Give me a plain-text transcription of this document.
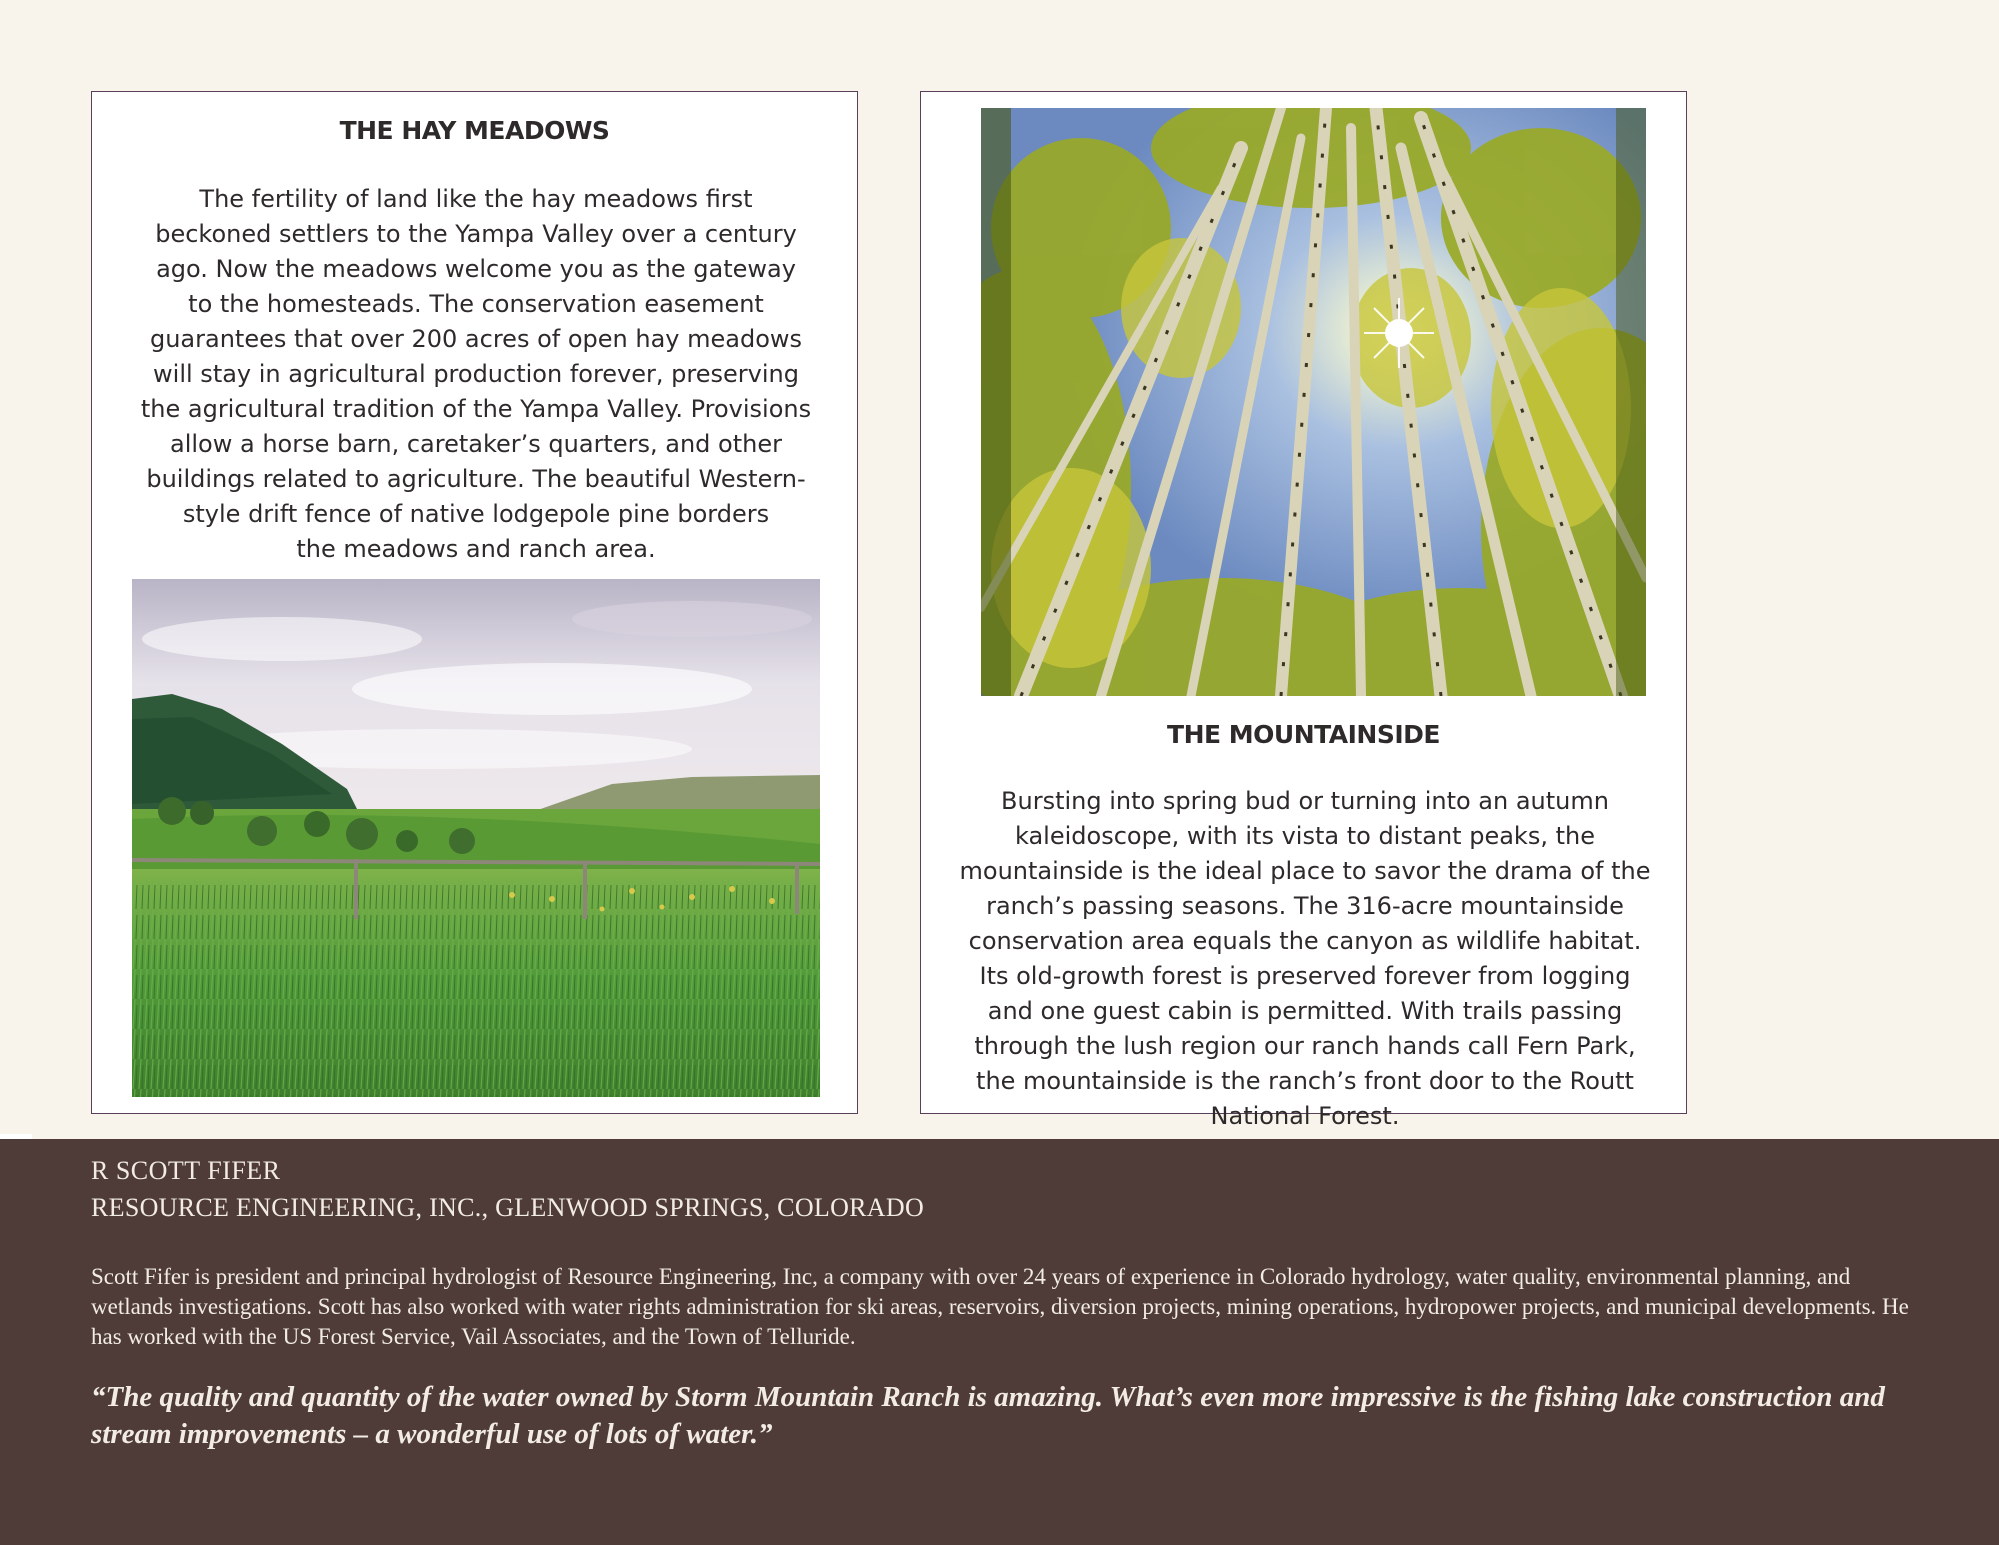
THE HAY MEADOWS
The fertility of land like the hay meadows first
beckoned settlers to the Yampa Valley over a century
ago. Now the meadows welcome you as the gateway
to the homesteads. The conservation easement
guarantees that over 200 acres of open hay meadows
will stay in agricultural production forever, preserving
the agricultural tradition of the Yampa Valley. Provisions
allow a horse barn, caretaker’s quarters, and other
buildings related to agriculture. The beautiful Western-
style drift fence of native lodgepole pine borders
the meadows and ranch area.
THE MOUNTAINSIDE
Bursting into spring bud or turning into an autumn
kaleidoscope, with its vista to distant peaks, the
mountainside is the ideal place to savor the drama of the
ranch’s passing seasons. The 316-acre mountainside
conservation area equals the canyon as wildlife habitat.
Its old-growth forest is preserved forever from logging
and one guest cabin is permitted. With trails passing
through the lush region our ranch hands call Fern Park,
the mountainside is the ranch’s front door to the Routt
National Forest.
R SCOTT FIFER
RESOURCE ENGINEERING, INC., GLENWOOD SPRINGS, COLORADO
Scott Fifer is president and principal hydrologist of Resource Engineering, Inc, a company with over 24 years of experience in Colorado hydrology, water quality, environmental planning, and wetlands investigations. Scott has also worked with water rights administration for ski areas, reservoirs, diversion projects, mining operations, hydropower projects, and municipal developments. He has worked with the US Forest Service, Vail Associates, and the Town of Telluride.
“The quality and quantity of the water owned by Storm Mountain Ranch is amazing. What’s even more impressive is the fishing lake construction and stream improvements – a wonderful use of lots of water.”
